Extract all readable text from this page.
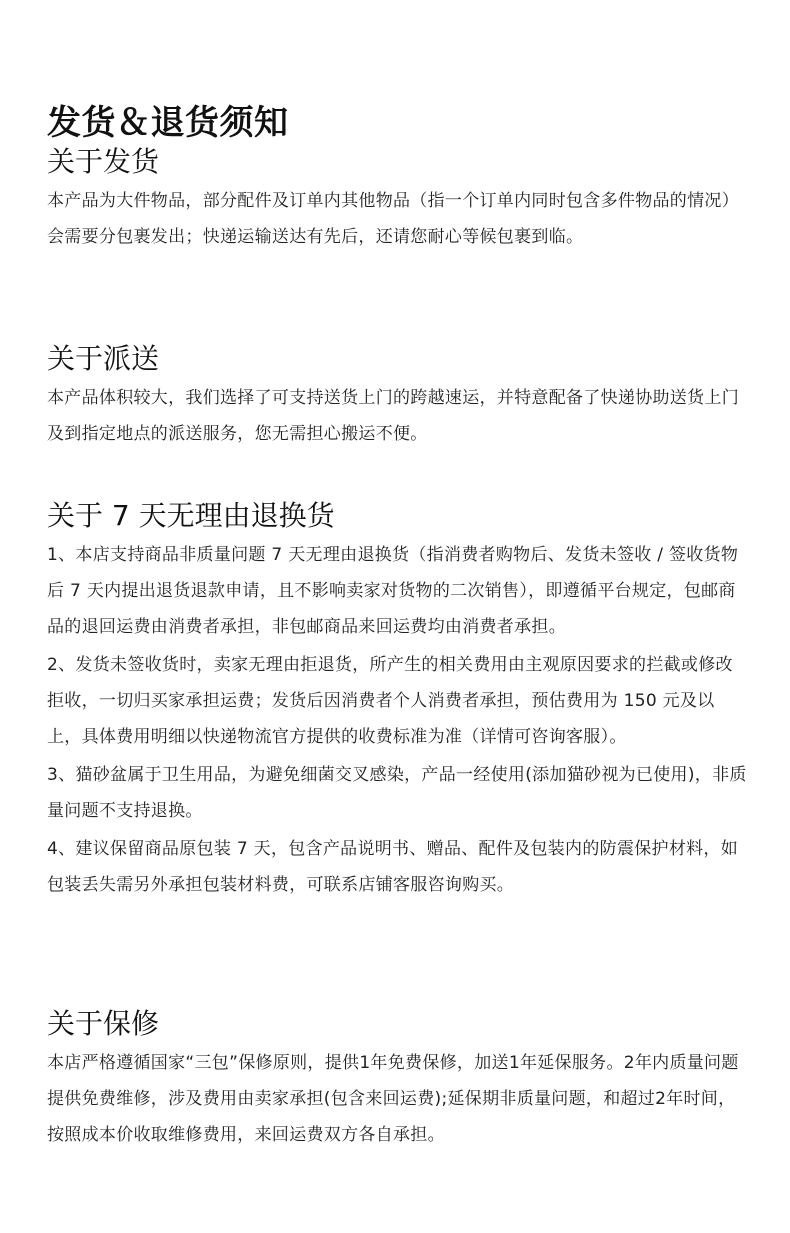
发货＆退货须知
关于发货

本产品为大件物品，部分配件及订单内其他物品（指一个订单内同时包含多件物品的情况）会需要分包裹发出；快递运输送达有先后，还请您耐心等候包裹到临。

关于派送

本产品体积较大，我们选择了可支持送货上门的跨越速运，并特意配备了快递协助送货上门及到指定地点的派送服务，您无需担心搬运不便。

关于 7 天无理由退换货

1、本店支持商品非质量问题 7 天无理由退换货（指消费者购物后、发货未签收 / 签收货物后 7 天内提出退货退款申请，且不影响卖家对货物的二次销售），即遵循平台规定，包邮商品的退回运费由消费者承担，非包邮商品来回运费均由消费者承担。

2、发货未签收货时，卖家无理由拒退货，所产生的相关费用由主观原因要求的拦截或修改拒收，一切归买家承担运费；发货后因消费者个人消费者承担，预估费用为 150 元及以上，具体费用明细以快递物流官方提供的收费标准为准（详情可咨询客服）。

3、猫砂盆属于卫生用品，为避免细菌交叉感染，产品一经使用(添加猫砂视为已使用)，非质量问题不支持退换。

4、建议保留商品原包装 7 天，包含产品说明书、赠品、配件及包装内的防震保护材料，如包装丢失需另外承担包装材料费，可联系店铺客服咨询购买。

关于保修

本店严格遵循国家“三包”保修原则，提供1年免费保修，加送1年延保服务。2年内质量问题提供免费维修，涉及费用由卖家承担(包含来回运费);延保期非质量问题，和超过2年时间，按照成本价收取维修费用，来回运费双方各自承担。
